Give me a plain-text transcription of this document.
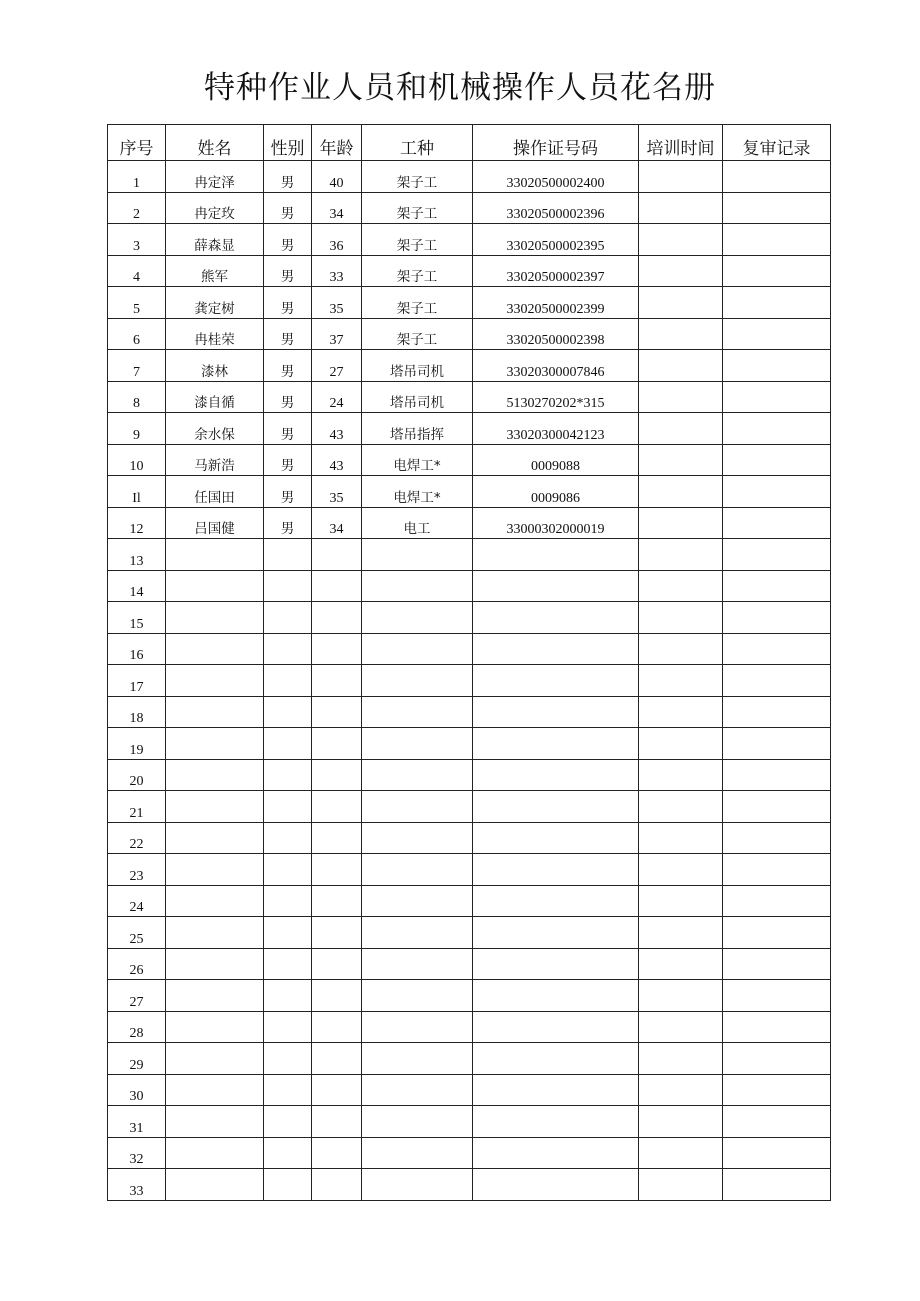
特种作业人员和机械操作人员花名册
序号	姓名	性别	年龄	工种	操作证号码	培训时间	复审记录
1	冉定泽	男	40	架子工	33020500002400		
2	冉定玫	男	34	架子工	33020500002396		
3	薛森显	男	36	架子工	33020500002395		
4	熊军	男	33	架子工	33020500002397		
5	龚定树	男	35	架子工	33020500002399		
6	冉桂荣	男	37	架子工	33020500002398		
7	漆林	男	27	塔吊司机	33020300007846		
8	漆自循	男	24	塔吊司机	5130270202*315		
9	余水保	男	43	塔吊指挥	33020300042123		
10	马新浩	男	43	电焊工*	0009088		
Il	任国田	男	35	电焊工*	0009086		
12	吕国健	男	34	电工	33000302000019		
13							
14							
15							
16							
17							
18							
19							
20							
21							
22							
23							
24							
25							
26							
27							
28							
29							
30							
31							
32							
33							
